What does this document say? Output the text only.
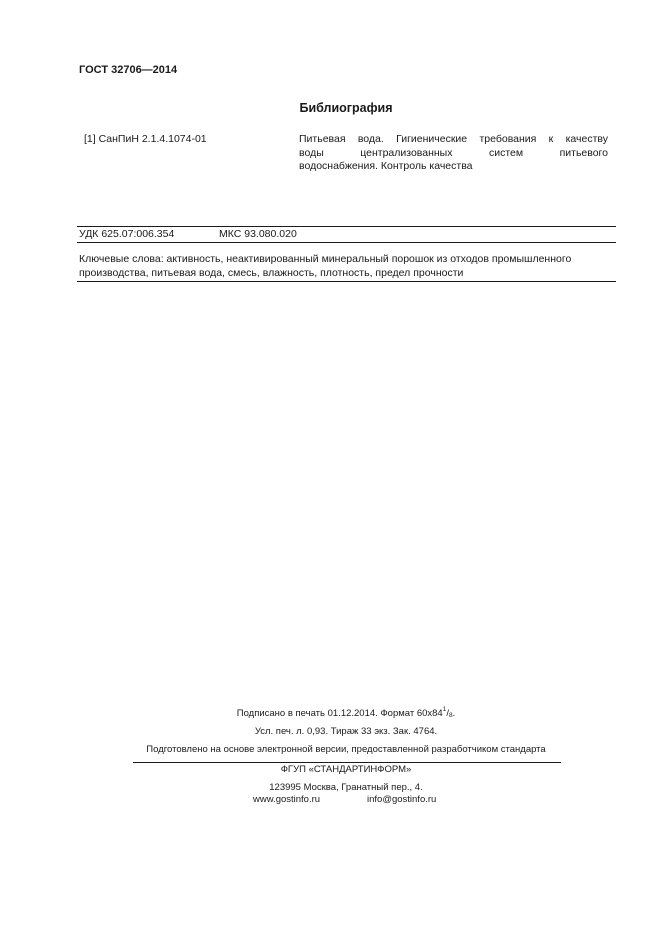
ГОСТ 32706—2014
Библиография
[1] СанПиН 2.1.4.1074-01	Питьевая вода. Гигиенические требования к качеству
воды централизованных систем питьевого
водоснабжения. Контроль качества
УДК 625.07:006.354	МКС 93.080.020
Ключевые слова: активность, неактивированный минеральный порошок из отходов промышленного
производства, питьевая вода, смесь, влажность, плотность, предел прочности
Подписано в печать 01.12.2014. Формат $60х84^1/_8$.
Усл. печ. л. 0,93. Тираж 33 экз. Зак. 4764.
Подготовлено на основе электронной версии, предоставленной разработчиком стандарта
ФГУП «СТАНДАРТИНФОРМ»
123995 Москва, Гранатный пер., 4.
www.gostinfo.ru	info@gostinfo.ru
